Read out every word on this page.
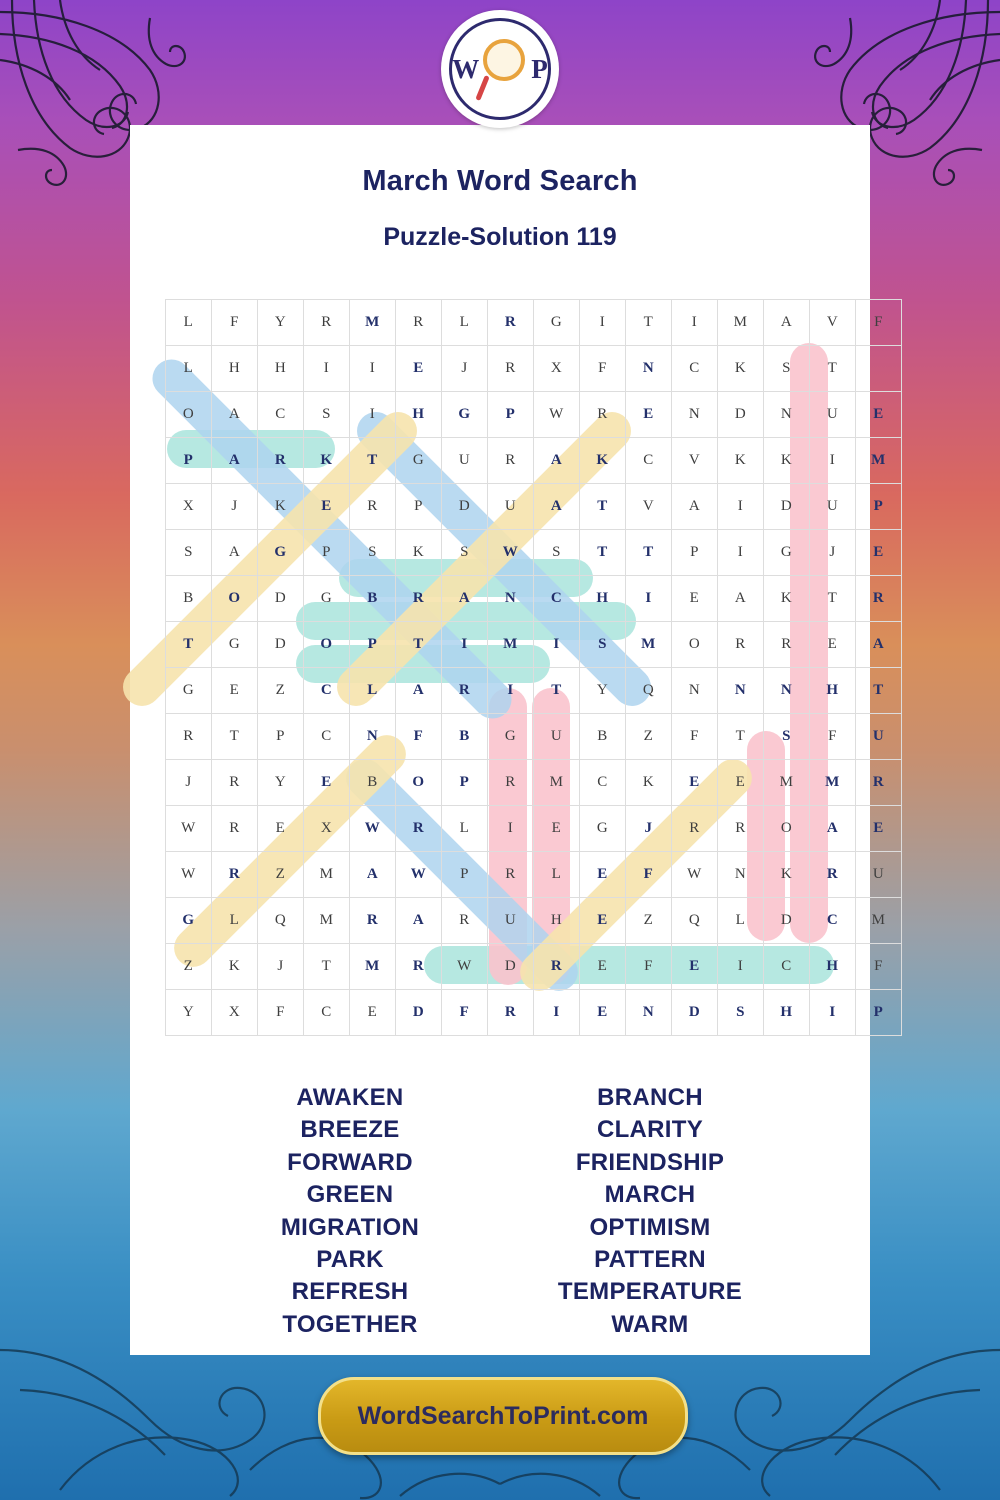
March Word Search
Puzzle-Solution 119
L	F	Y	R	M	R	L	R	G	I	T	I	M	A	V	F
L	H	H	I	I	E	J	R	X	F	N	C	K	S	T	
O	A	C	S	I	H	G	P	W	R	E	N	D	N	U	E
P	A	R	K	T	G	U	R	A	K	C	V	K	K	I	M
X	J	K	E	R	P	D	U	A	T	V	A	I	D	U	P
S	A	G	P	S	K	S	W	S	T	T	P	I	G	J	E
B	O	D	G	B	R	A	N	C	H	I	E	A	K	T	R
T	G	D	O	P	T	I	M	I	S	M	O	R	R	E	A
G	E	Z	C	L	A	R	I	T	Y	Q	N	N	N	H	T
R	T	P	C	N	F	B	G	U	B	Z	F	T	S	F	U
J	R	Y	E	B	O	P	R	M	C	K	E	E	M	M	R
W	R	E	X	W	R	L	I	E	G	J	R	R	O	A	E
W	R	Z	M	A	W	P	R	L	E	F	W	N	K	R	U
G	L	Q	M	R	A	R	U	H	E	Z	Q	L	D	C	M
Z	K	J	T	M	R	W	D	R	E	F	E	I	C	H	F
Y	X	F	C	E	D	F	R	I	E	N	D	S	H	I	P
AWAKEN
BREEZE
FORWARD
GREEN
MIGRATION
PARK
REFRESH
TOGETHER
BRANCH
CLARITY
FRIENDSHIP
MARCH
OPTIMISM
PATTERN
TEMPERATURE
WARM
W P
WordSearchToPrint.com
